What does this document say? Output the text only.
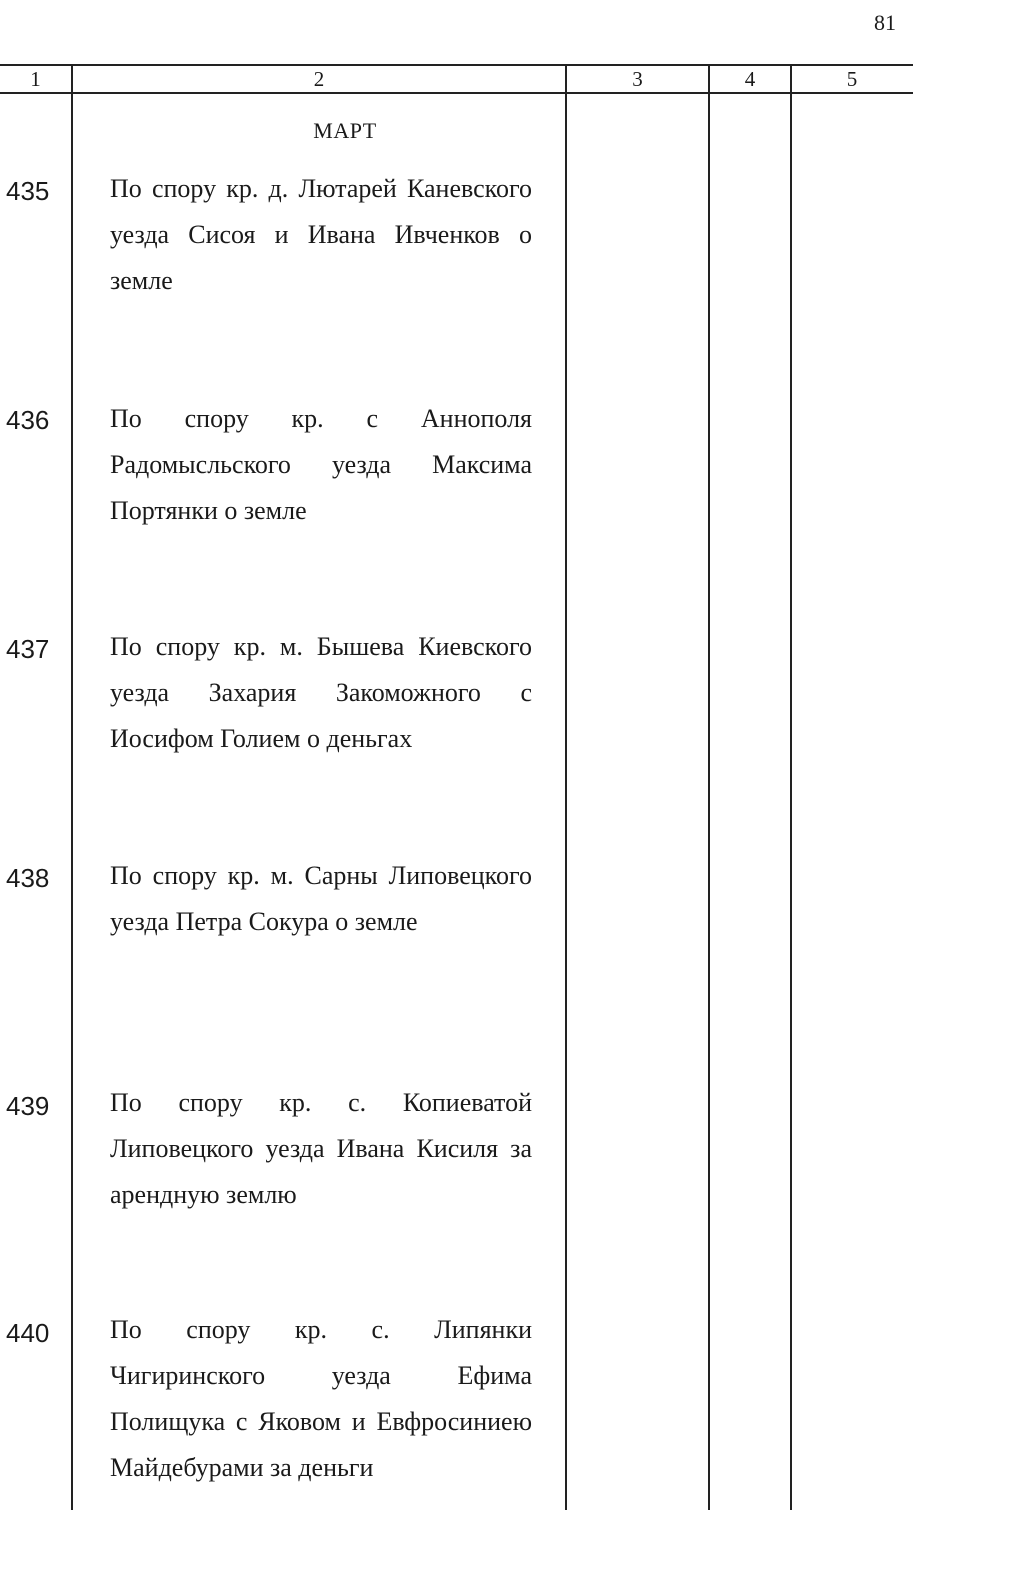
81
1	2	3	4	5
МАРТ
435	По спору кр. д. Лютарей Каневского уезда Сисоя и Ивана Ивченков о земле

436	По спору кр. с Аннополя Радомысльского уезда Максима Портянки о земле

437	По спору кр. м. Бышева Киевского уезда Захария Закоможного с Иосифом Голием о деньгах

438	По спору кр. м. Сарны Липовецкого уезда Петра Сокура о земле

439	По спору кр. с. Копиеватой Липовецкого уезда Ивана Кисиля за арендную землю

440	По спору кр. с. Липянки Чигиринского уезда Ефима Полищука с Яковом и Евфросиниею Майдебурами за деньги
